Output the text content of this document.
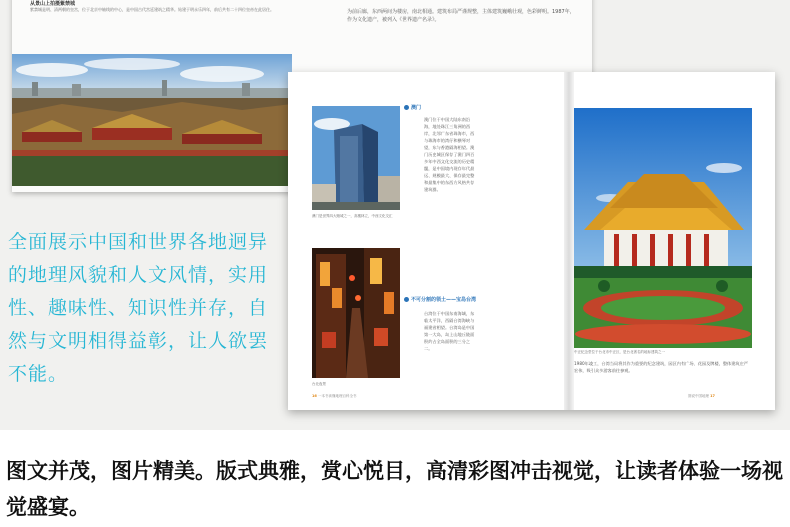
从景山上拍摄紫禁城
紫禁城是明、清两朝的皇宫，位于北京中轴线的中心，是中国古代宫廷建筑之精华。始建于明永乐四年，前后共有二十四位皇帝在此居住。	为前后廊，东西两间为楼房，南北相通。建筑布局严谨规整，主体建筑巍峨壮观，色彩鲜明。1987年，作为文化遗产，被列入《世界遗产名录》。
澳门是世界四大赌城之一，高楼林立，中西文化交汇
台北夜景
澳门
澳门位于中国大陆东南沿海，地处珠江三角洲的西岸，北邻广东省珠海市，西与珠海市的湾仔和横琴对望，东与香港隔海相望。澳门历史城区保存了澳门四百多年中西文化交流的历史精髓，是中国境内现存年代最远、规模最大、保存最完整和最集中的东西方风格共存建筑群。
不可分割的领土——宝岛台湾
台湾位于中国东南海域，东临太平洋，西隔台湾海峡与福建省相望。台湾岛是中国第一大岛，岛上山地丘陵面积约占全岛面积的三分之二。
16 一本书读懂地理百科全书
中正纪念堂位于台北市中正区，是台北著名的地标建筑之一
1980年竣工，台湾当局将其作为重要的纪念建筑，园区内有广场、花园及牌楼，整体建筑庄严宏伟，吸引众多游客前往参观。
图说中国地理 17
全面展示中国和世界各地迥异的地理风貌和人文风情，实用性、趣味性、知识性并存，自然与文明相得益彰，让人欲罢不能。
图文并茂，图片精美。版式典雅，赏心悦目，高清彩图冲击视觉，让读者体验一场视觉盛宴。
